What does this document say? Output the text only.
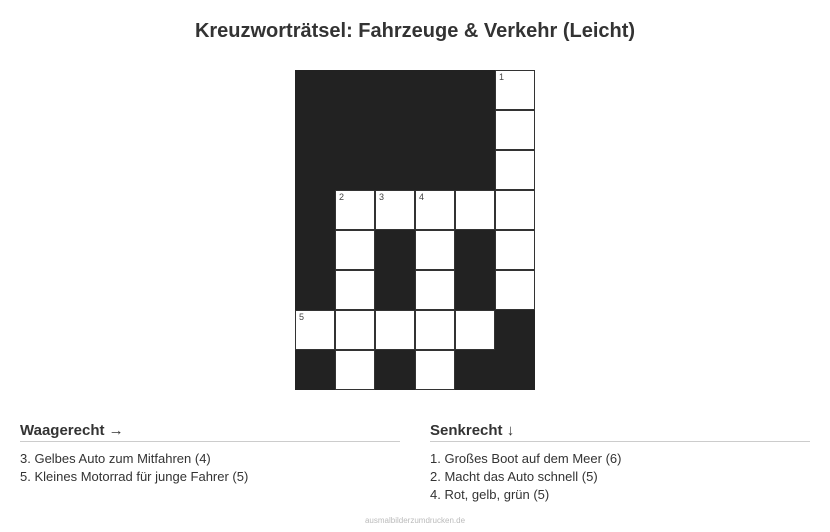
Kreuzworträtsel: Fahrzeuge & Verkehr (Leicht)
1
2	3	4
5
Waagerecht →
3. Gelbes Auto zum Mitfahren (4)
5. Kleines Motorrad für junge Fahrer (5)
Senkrecht ↓
1. Großes Boot auf dem Meer (6)
2. Macht das Auto schnell (5)
4. Rot, gelb, grün (5)
ausmalbilderzumdrucken.de
